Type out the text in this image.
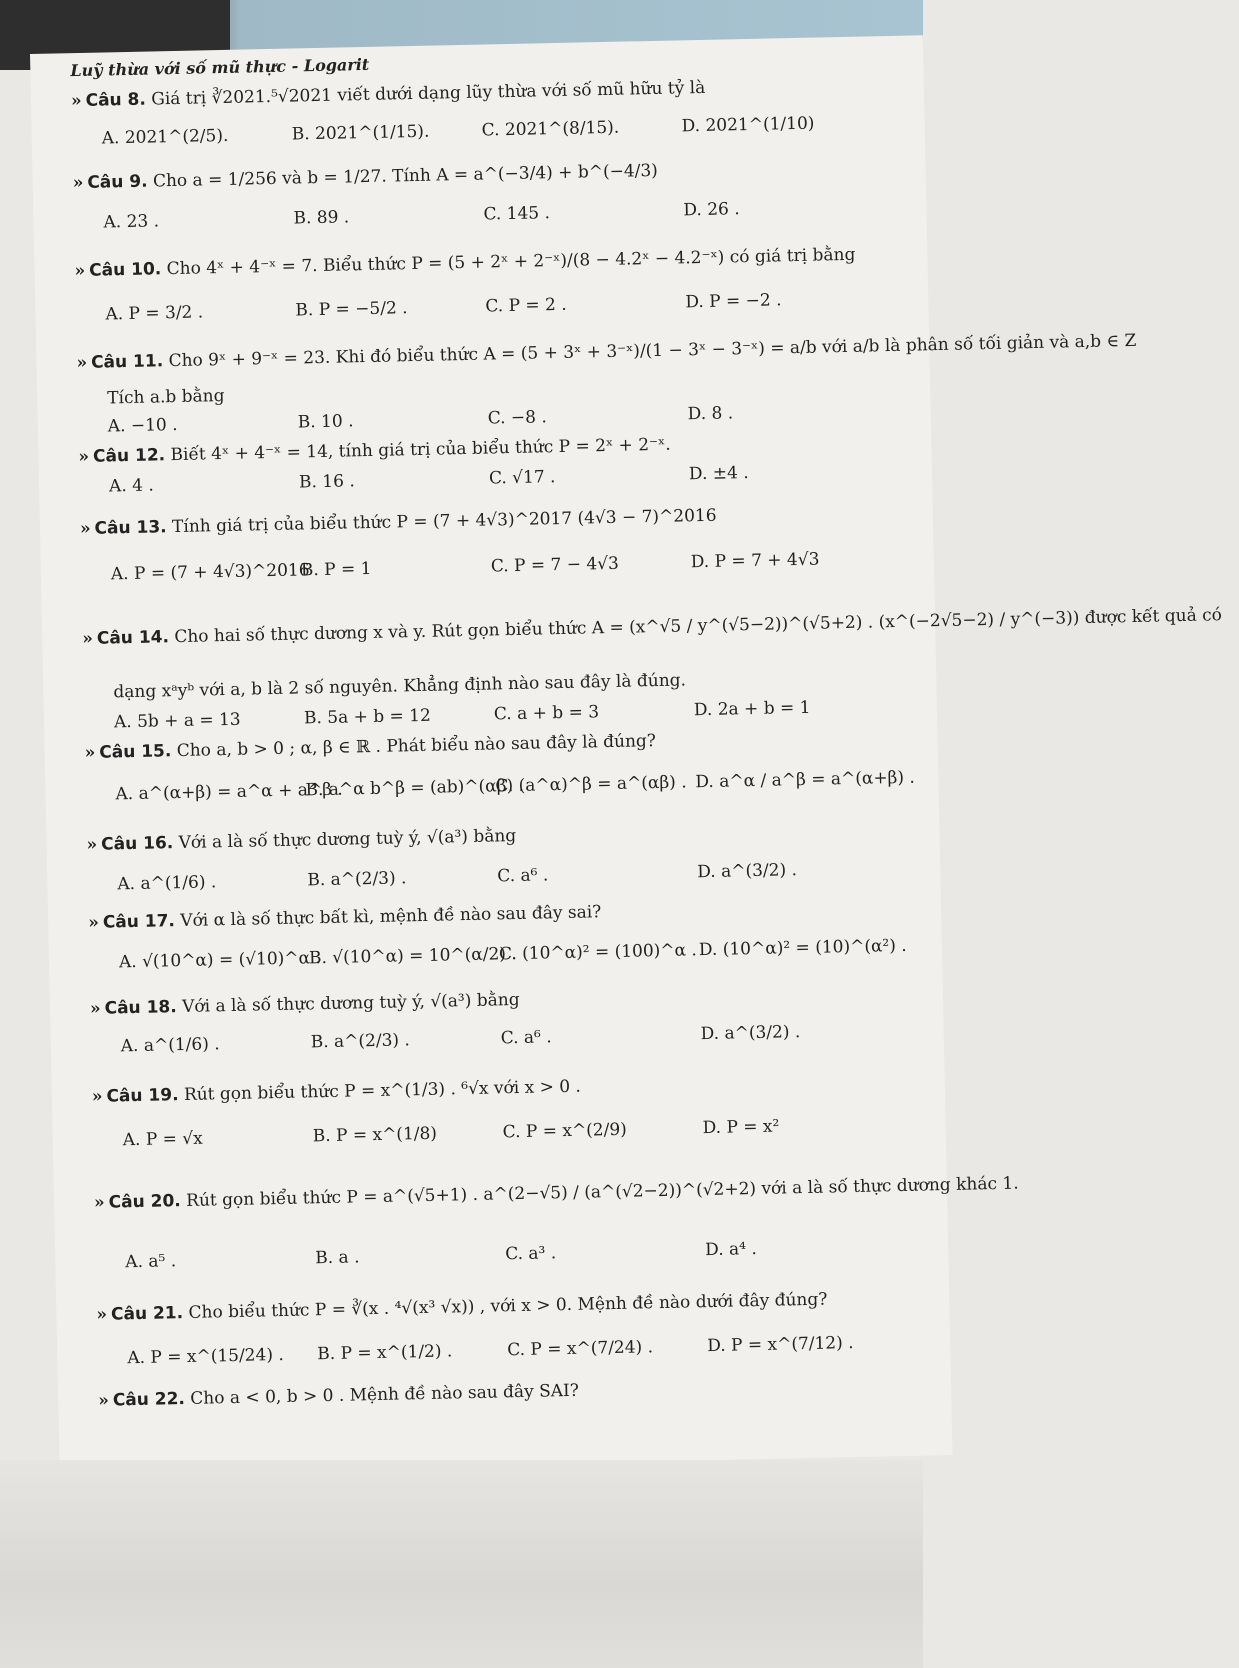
Luỹ thừa với số mũ thực - Logarit
» Câu 8. Giá trị ∛2021.⁵√2021 viết dưới dạng lũy thừa với số mũ hữu tỷ là
A. 2021^(2/5).	B. 2021^(1/15).	C. 2021^(8/15).	D. 2021^(1/10)
» Câu 9. Cho a = 1/256 và b = 1/27. Tính A = a^(−3/4) + b^(−4/3)
A. 23 .	B. 89 .	C. 145 .	D. 26 .
» Câu 10. Cho 4ˣ + 4⁻ˣ = 7. Biểu thức P = (5 + 2ˣ + 2⁻ˣ)/(8 − 4.2ˣ − 4.2⁻ˣ) có giá trị bằng
A. P = 3/2 .	B. P = −5/2 .	C. P = 2 .	D. P = −2 .
» Câu 11. Cho 9ˣ + 9⁻ˣ = 23. Khi đó biểu thức A = (5 + 3ˣ + 3⁻ˣ)/(1 − 3ˣ − 3⁻ˣ) = a/b với a/b là phân số tối giản và a,b ∈ Z
Tích a.b bằng
A. −10 .	B. 10 .	C. −8 .	D. 8 .
» Câu 12. Biết 4ˣ + 4⁻ˣ = 14, tính giá trị của biểu thức P = 2ˣ + 2⁻ˣ.
A. 4 .	B. 16 .	C. √17 .	D. ±4 .
» Câu 13. Tính giá trị của biểu thức P = (7 + 4√3)^2017 (4√3 − 7)^2016
A. P = (7 + 4√3)^2016
B. P = 1	C. P = 7 − 4√3	D. P = 7 + 4√3
» Câu 14. Cho hai số thực dương x và y. Rút gọn biểu thức A = (x^√5 / y^(√5−2))^(√5+2) . (x^(−2√5−2) / y^(−3)) được kết quả có
dạng xᵃyᵇ với a, b là 2 số nguyên. Khẳng định nào sau đây là đúng.
A. 5b + a = 13	B. 5a + b = 12	C. a + b = 3	D. 2a + b = 1
» Câu 15. Cho a, b > 0 ; α, β ∈ ℝ . Phát biểu nào sau đây là đúng?
A. a^(α+β) = a^α + a^β .
B. a^α b^β = (ab)^(αβ) .
C. (a^α)^β = a^(αβ) . D. a^α / a^β = a^(α+β) .
» Câu 16. Với a là số thực dương tuỳ ý, √(a³) bằng
A. a^(1/6) .	B. a^(2/3) .	C. a⁶ .	D. a^(3/2) .
» Câu 17. Với α là số thực bất kì, mệnh đề nào sau đây sai?
A. √(10^α) = (√10)^α .
B. √(10^α) = 10^(α/2) .
C. (10^α)² = (100)^α . D. (10^α)² = (10)^(α²) .
» Câu 18. Với a là số thực dương tuỳ ý, √(a³) bằng
A. a^(1/6) .	B. a^(2/3) .	C. a⁶ .	D. a^(3/2) .
» Câu 19. Rút gọn biểu thức P = x^(1/3) . ⁶√x với x > 0 .
A. P = √x	B. P = x^(1/8)	C. P = x^(2/9)	D. P = x²
» Câu 20. Rút gọn biểu thức P = a^(√5+1) . a^(2−√5) / (a^(√2−2))^(√2+2) với a là số thực dương khác 1.
A. a⁵ .	B. a .	C. a³ .	D. a⁴ .
» Câu 21. Cho biểu thức P = ∛(x . ⁴√(x³ √x)) , với x > 0. Mệnh đề nào dưới đây đúng?
A. P = x^(15/24) . B. P = x^(1/2) .	C. P = x^(7/24) .	D. P = x^(7/12) .
» Câu 22. Cho a < 0, b > 0 . Mệnh đề nào sau đây SAI?
